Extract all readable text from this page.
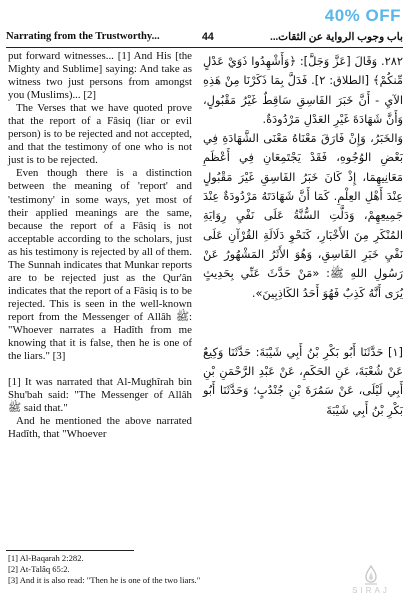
40% OFF
Narrating from the Trustworthy...	44	باب وجوب الرواية عن الثقات...

put forward witnesses... [1] And His [the Mighty and Sublime] saying: And take as witness two just persons from amongst you (Muslims)... [2]

The Verses that we have quoted prove that the report of a Fâsiq (liar or evil person) is to be rejected and not accepted, and that the testimony of one who is not just is to be rejected.

Even though there is a distinction between the meaning of 'report' and 'testimony' in some ways, yet most of their applied meanings are the same, because the report of a Fâsiq is not acceptable according to the scholars, just as his testimony is rejected by all of them. The Sunnah indicates that Munkar reports are to be rejected just as the Qur'ân indicates that the report of a Fâsiq is to be rejected. This is seen in the well-known report from the Messenger of Allâh ﷺ: "Whoever narrates a Hadîth from me knowing that it is false, then he is one of the liars." [3]

[1] It was narrated that Al-Mughîrah bin Shu'bah said: "The Messenger of Allâh ﷺ said that."

And he mentioned the above narrated Hadîth, that "Whoever

٢٨٢. وَقَالَ [عَزَّ وَجَلَّ]: ﴿وَأَشْهِدُوا ذَوَيْ عَدْلٍ مِّنكُمْ﴾ [الطلاق: ٢]. فَدَلَّ بِمَا ذَكَرْنَا مِنْ هَذِهِ الآيِ - أَنَّ خَبَرَ الفَاسِقِ سَاقِطٌ غَيْرُ مَقْبُولٍ، وَأَنَّ شَهَادَةَ غَيْرِ العَدْلِ مَرْدُودَةٌ.

وَالخَبَرُ، وَإِنْ فَارَقَ مَعْنَاهُ مَعْنَى الشَّهَادَةِ فِي بَعْضِ الوُجُوهِ، فَقَدْ يَجْتَمِعَانِ فِي أَعْظَمِ مَعَانِيهِمَا، إِذْ كَانَ خَبَرُ الفَاسِقِ غَيْرَ مَقْبُولٍ عِنْدَ أَهْلِ العِلْمِ. كَمَا أَنَّ شَهَادَتَهُ مَرْدُودَةٌ عِنْدَ جَمِيعِهِمْ، وَدَلَّتِ السُّنَّةُ عَلَى نَفْيِ رِوَايَةِ المُنْكَرِ مِنَ الأَخْبَارِ، كَنَحْوِ دَلَالَةِ القُرْآنِ عَلَى نَفْيِ خَبَرِ الفَاسِقِ، وَهُوَ الأَثَرُ المَشْهُورُ عَنْ رَسُولِ اللهِ ﷺ: «مَنْ حَدَّثَ عَنِّي بِحَدِيثٍ يُرَى أَنَّهُ كَذِبٌ فَهُوَ أَحَدُ الكَاذِبِينَ».

[١] حَدَّثَنَا أَبُو بَكْرِ بْنُ أَبِي شَيْبَةَ: حَدَّثَنَا وَكِيعٌ عَنْ شُعْبَةَ، عَنِ الحَكَمِ، عَنْ عَبْدِ الرَّحْمَنِ بْنِ أَبِي لَيْلَى، عَنْ سَمُرَةَ بْنِ جُنْدُبٍ؛ وَحَدَّثَنَا أَبُو بَكْرِ بْنُ أَبِي شَيْبَةَ

[1] Al-Baqarah 2:282.
[2] At-Talâq 65:2.
[3] And it is also read: "Then he is one of the two liars."
SIRAJ
